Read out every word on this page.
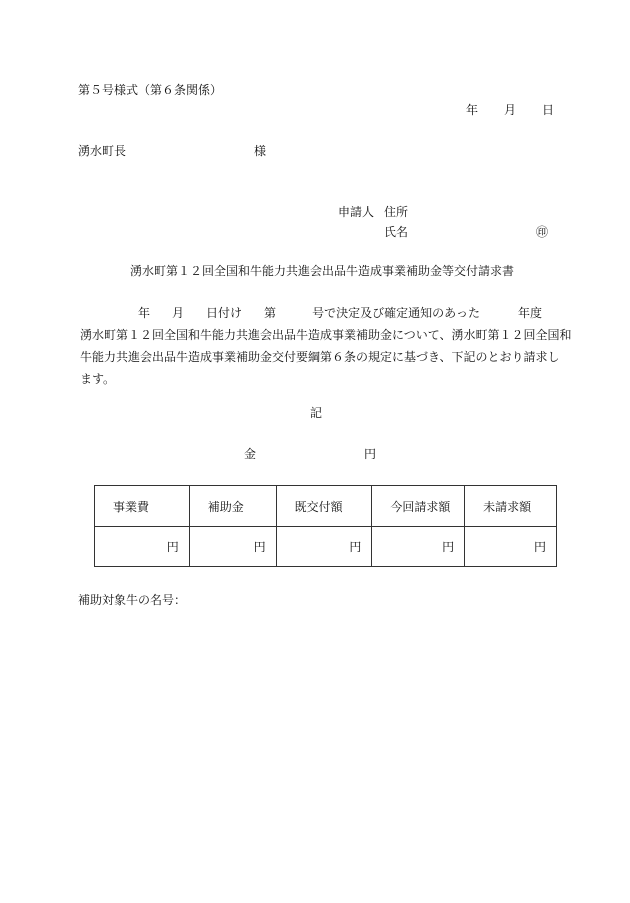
第５号様式（第６条関係）
年 月 日
湧水町長	様
申請人 住所
氏名	㊞
湧水町第１２回全国和牛能力共進会出品牛造成事業補助金等交付請求書
年 月 日付け 第	号で決定及び確定通知のあった	年度
湧水町第１２回全国和牛能力共進会出品牛造成事業補助金について、湧水町第１２回全国和
牛能力共進会出品牛造成事業補助金交付要綱第６条の規定に基づき、下記のとおり請求し
ます。
記
金	円
事業費	補助金	既交付額	今回請求額	未請求額
円	円	円	円	円
補助対象牛の名号：
